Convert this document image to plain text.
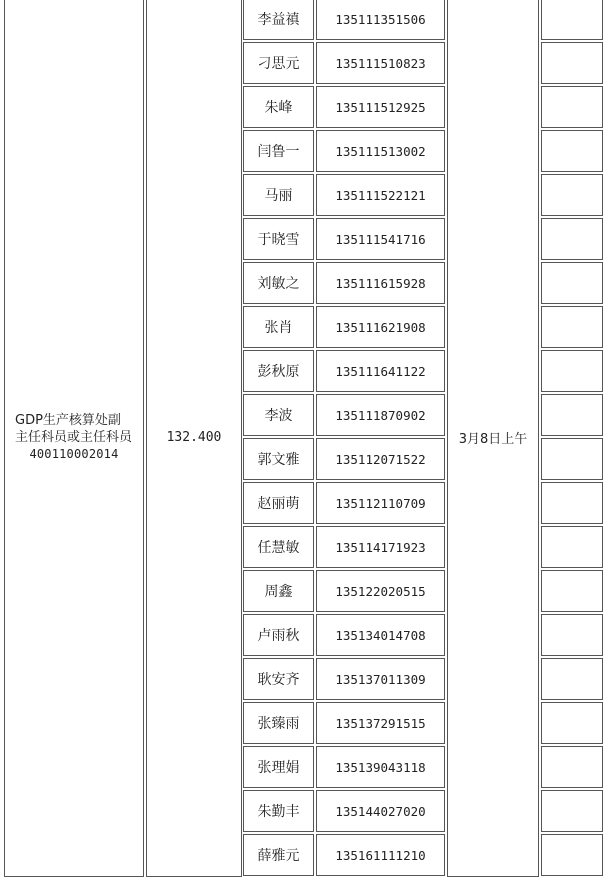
GDP生产核算处副主任科员或主任科员
400110002014
132.400	3月8日上午
李益禛	135111351506
刁思元	135111510823
朱峰	135111512925
闫鲁一	135111513002
马丽	135111522121
于晓雪	135111541716
刘敏之	135111615928
张肖	135111621908
彭秋原	135111641122
李波	135111870902
郭文雅	135112071522
赵丽萌	135112110709
任慧敏	135114171923
周鑫	135122020515
卢雨秋	135134014708
耿安齐	135137011309
张臻雨	135137291515
张理娟	135139043118
朱勤丰	135144027020
薛雅元	135161111210
